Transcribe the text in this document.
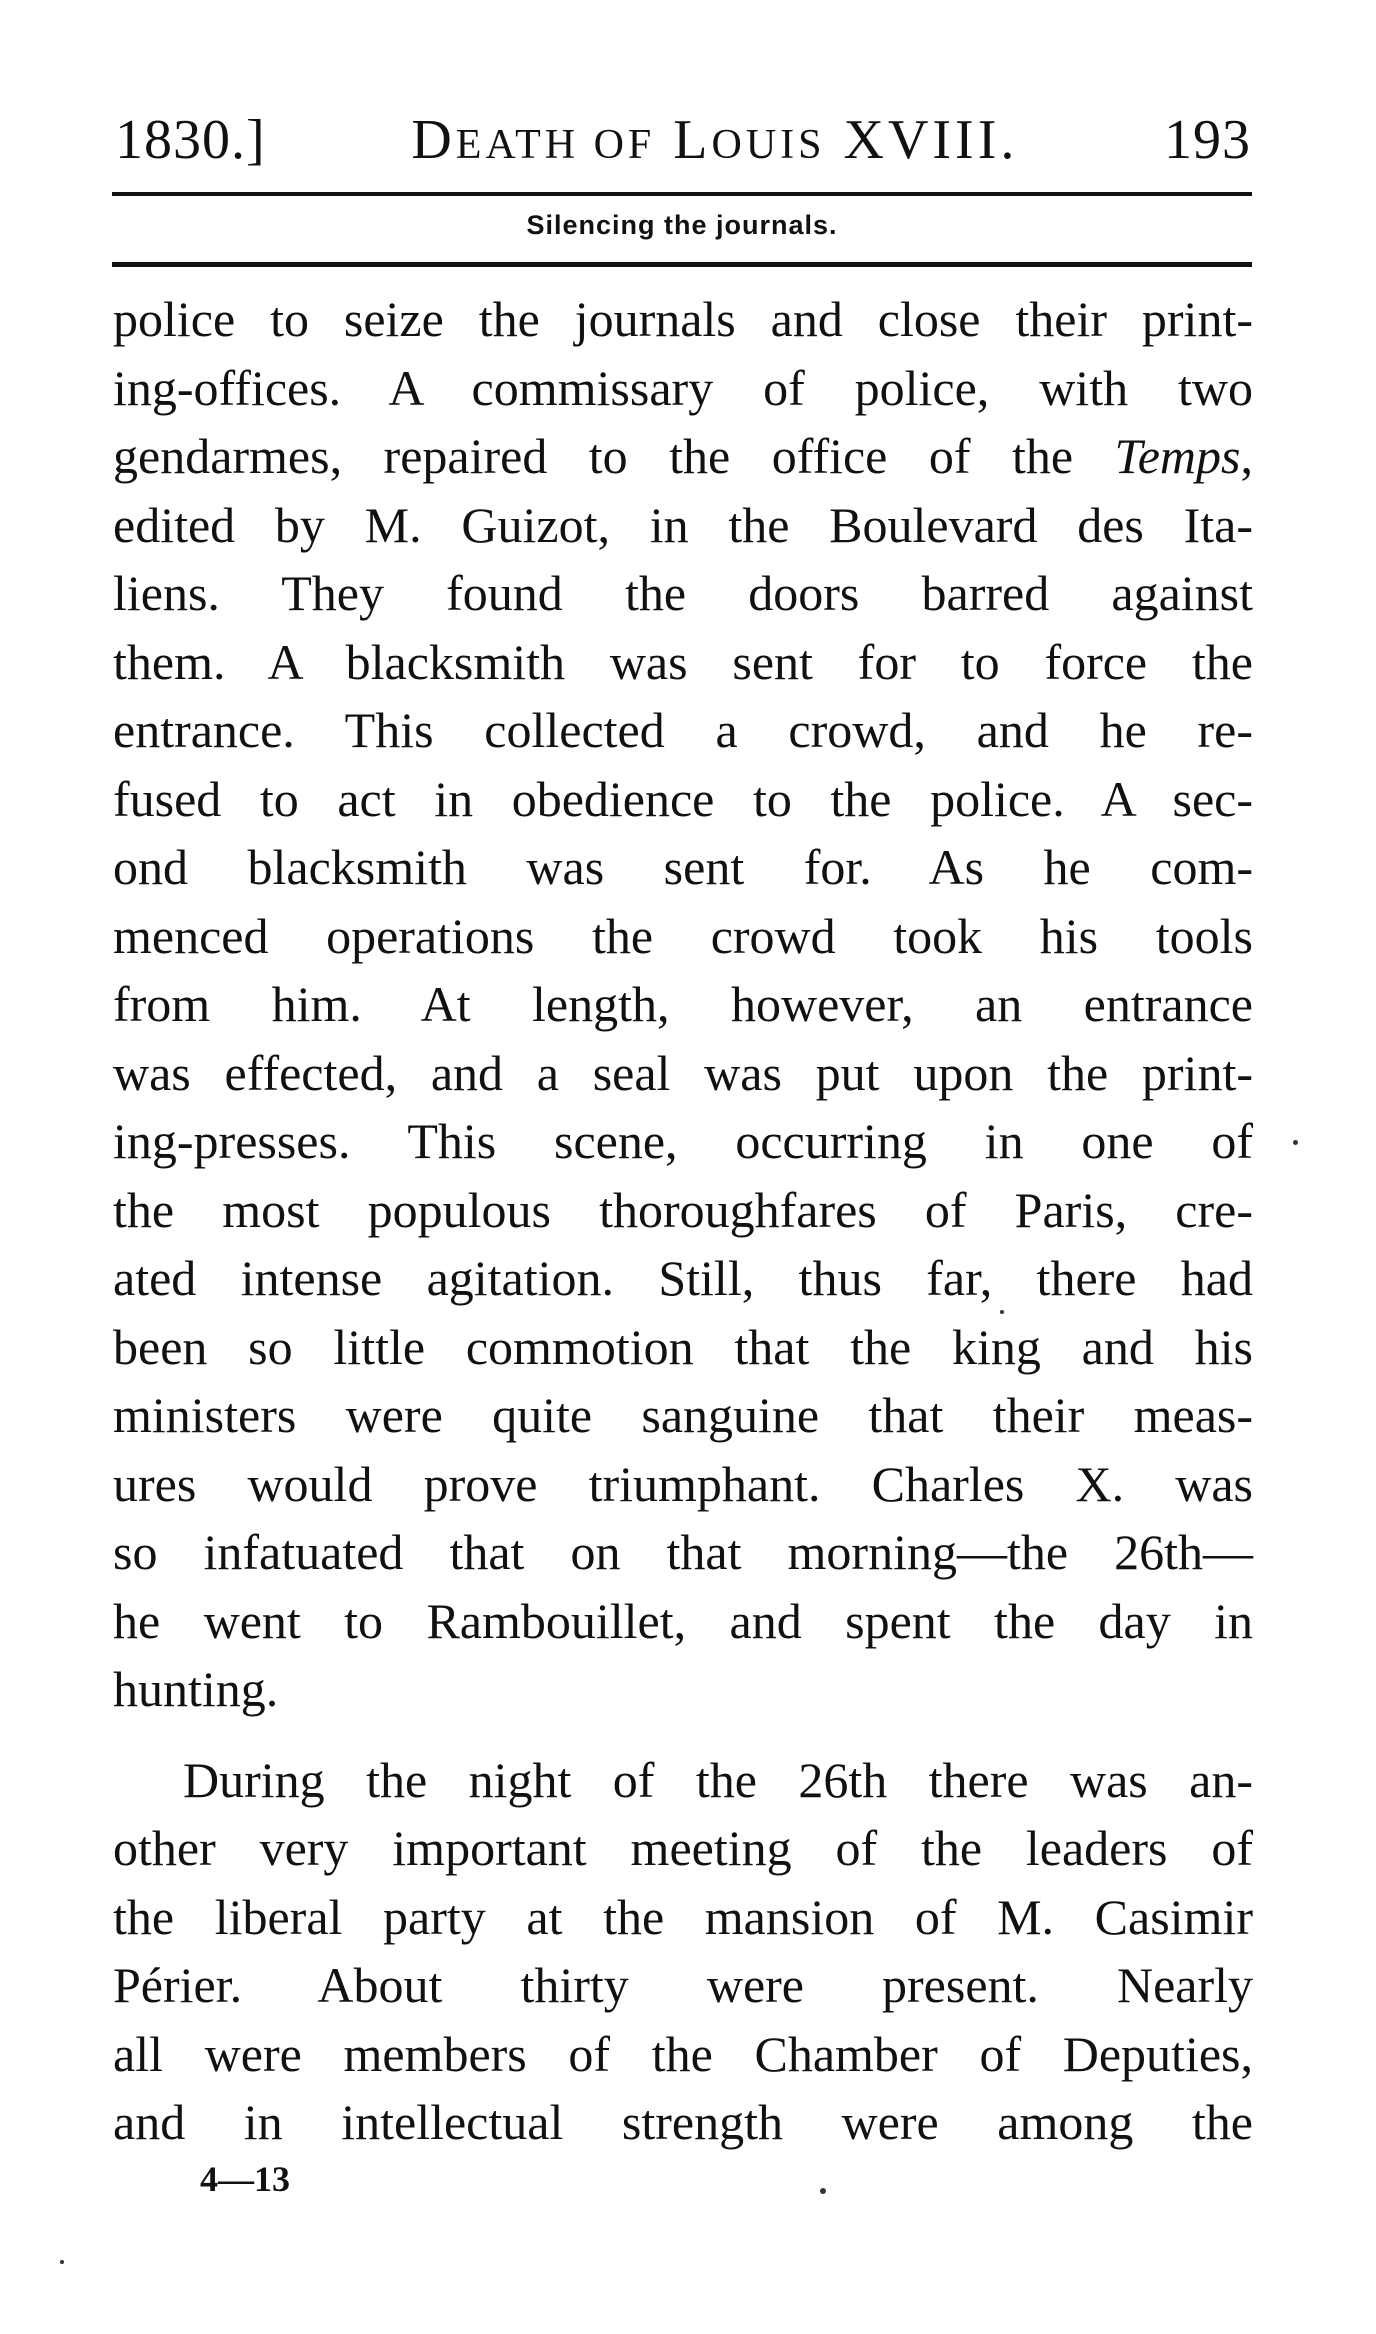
1830.]	DEATH OF LOUIS XVIII.	193
Silencing the journals.
police to seize the journals and close their print-
ing-offices. A commissary of police, with two
gendarmes, repaired to the office of the Temps,
edited by M. Guizot, in the Boulevard des Ita-
liens. They found the doors barred against
them. A blacksmith was sent for to force the
entrance. This collected a crowd, and he re-
fused to act in obedience to the police. A sec-
ond blacksmith was sent for. As he com-
menced operations the crowd took his tools
from him. At length, however, an entrance
was effected, and a seal was put upon the print-
ing-presses. This scene, occurring in one of
the most populous thoroughfares of Paris, cre-
ated intense agitation. Still, thus far, there had
been so little commotion that the king and his
ministers were quite sanguine that their meas-
ures would prove triumphant. Charles X. was
so infatuated that on that morning—the 26th—
he went to Rambouillet, and spent the day in
hunting.
During the night of the 26th there was an-
other very important meeting of the leaders of
the liberal party at the mansion of M. Casimir
Périer. About thirty were present. Nearly
all were members of the Chamber of Deputies,
and in intellectual strength were among the
4—13
